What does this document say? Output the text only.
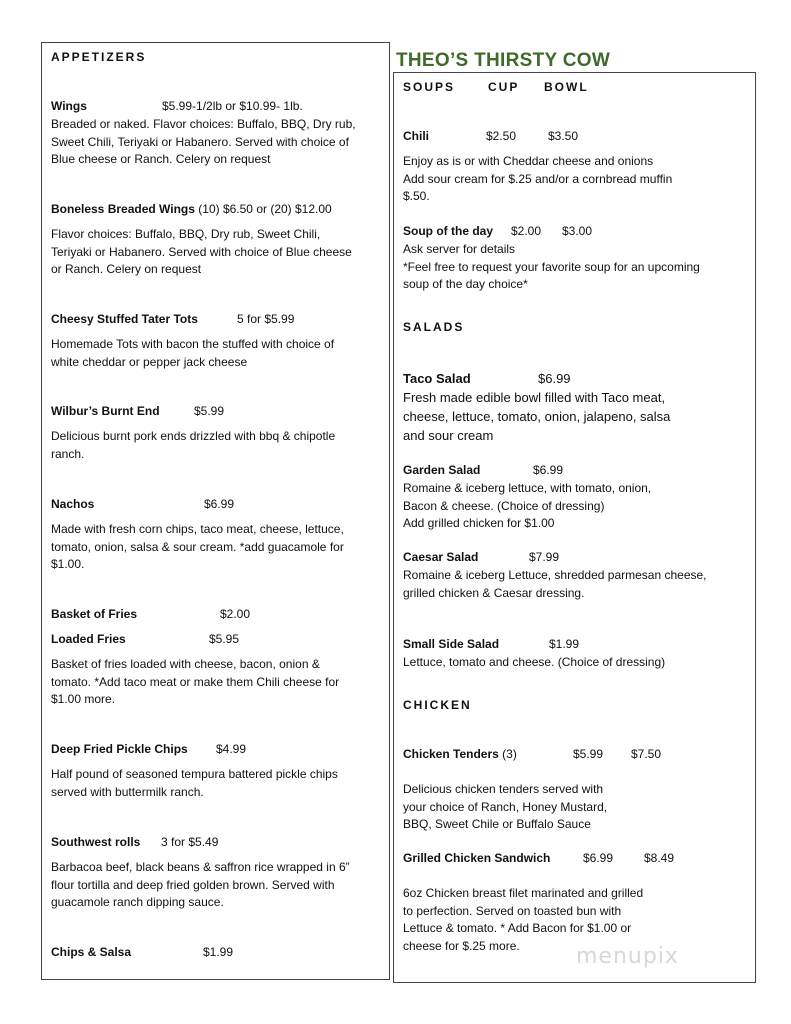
THEO’S THIRSTY COW
APPETIZERS
Wings	$5.99-1/2lb or $10.99- 1lb.
Breaded or naked. Flavor choices: Buffalo, BBQ, Dry rub,
Sweet Chili, Teriyaki or Habanero. Served with choice of
Blue cheese or Ranch. Celery on request
Boneless Breaded Wings (10) $6.50 or (20) $12.00
Flavor choices: Buffalo, BBQ, Dry rub, Sweet Chili,
Teriyaki or Habanero. Served with choice of Blue cheese
or Ranch. Celery on request
Cheesy Stuffed Tater Tots	5 for $5.99
Homemade Tots with bacon the stuffed with choice of
white cheddar or pepper jack cheese
Wilbur’s Burnt End	$5.99
Delicious burnt pork ends drizzled with bbq & chipotle
ranch.
Nachos	$6.99
Made with fresh corn chips, taco meat, cheese, lettuce,
tomato, onion, salsa & sour cream. *add guacamole for
$1.00.
Basket of Fries	$2.00
Loaded Fries	$5.95
Basket of fries loaded with cheese, bacon, onion &
tomato. *Add taco meat or make them Chili cheese for
$1.00 more.
Deep Fried Pickle Chips $4.99
Half pound of seasoned tempura battered pickle chips
served with buttermilk ranch.
Southwest rolls 3 for $5.49
Barbacoa beef, black beans & saffron rice wrapped in 6”
flour tortilla and deep fried golden brown. Served with
guacamole ranch dipping sauce.
Chips & Salsa	$1.99
SOUPS	CUP BOWL
Chili	$2.50	$3.50
Enjoy as is or with Cheddar cheese and onions
Add sour cream for $.25 and/or a cornbread muffin
$.50.
Soup of the day $2.00 $3.00
Ask server for details
*Feel free to request your favorite soup for an upcoming
soup of the day choice*
SALADS
Taco Salad	$6.99
Fresh made edible bowl filled with Taco meat,
cheese, lettuce, tomato, onion, jalapeno, salsa
and sour cream
Garden Salad	$6.99
Romaine & iceberg lettuce, with tomato, onion,
Bacon & cheese. (Choice of dressing)
Add grilled chicken for $1.00
Caesar Salad	$7.99
Romaine & iceberg Lettuce, shredded parmesan cheese,
grilled chicken & Caesar dressing.
Small Side Salad	$1.99
Lettuce, tomato and cheese. (Choice of dressing)
CHICKEN
Chicken Tenders (3)	$5.99 $7.50
Delicious chicken tenders served with
your choice of Ranch, Honey Mustard,
BBQ, Sweet Chile or Buffalo Sauce
Grilled Chicken Sandwich	$6.99	$8.49
6oz Chicken breast filet marinated and grilled
to perfection. Served on toasted bun with
Lettuce & tomato. * Add Bacon for $1.00 or
cheese for $.25 more.	menupix
